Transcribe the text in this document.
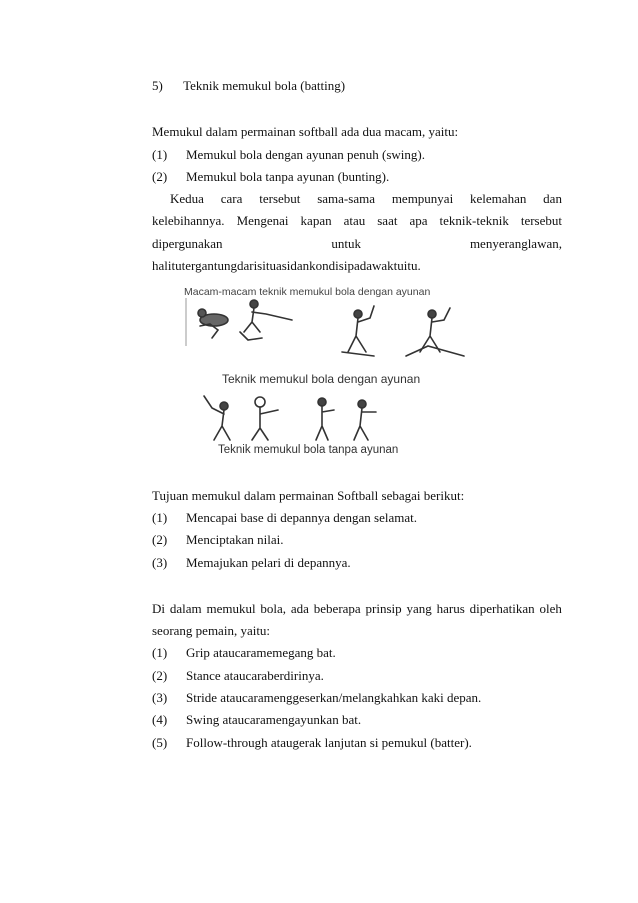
5) Teknik memukul bola (batting)
Memukul dalam permainan softball ada dua macam, yaitu:
(1) Memukul bola dengan ayunan penuh (swing).
(2) Memukul bola tanpa ayunan (bunting).
Kedua cara tersebut sama-sama mempunyai kelemahan dan
kelebihannya. Mengenai kapan atau saat apa teknik-teknik tersebut
dipergunakan	untuk	menyeranglawan,
halitutergantungdarisituasidankondisipadawaktuitu.
Macam-macam teknik memukul bola dengan ayunan
Teknik memukul bola dengan ayunan
Teknik memukul bola tanpa ayunan
Tujuan memukul dalam permainan Softball sebagai berikut:
(1) Mencapai base di depannya dengan selamat.
(2) Menciptakan nilai.
(3) Memajukan pelari di depannya.
Di dalam memukul bola, ada beberapa prinsip yang harus diperhatikan oleh
seorang pemain, yaitu:
(1) Grip ataucaramemegang bat.
(2) Stance ataucaraberdirinya.
(3) Stride ataucaramenggeserkan/melangkahkan kaki depan.
(4) Swing ataucaramengayunkan bat.
(5) Follow-through ataugerak lanjutan si pemukul (batter).
